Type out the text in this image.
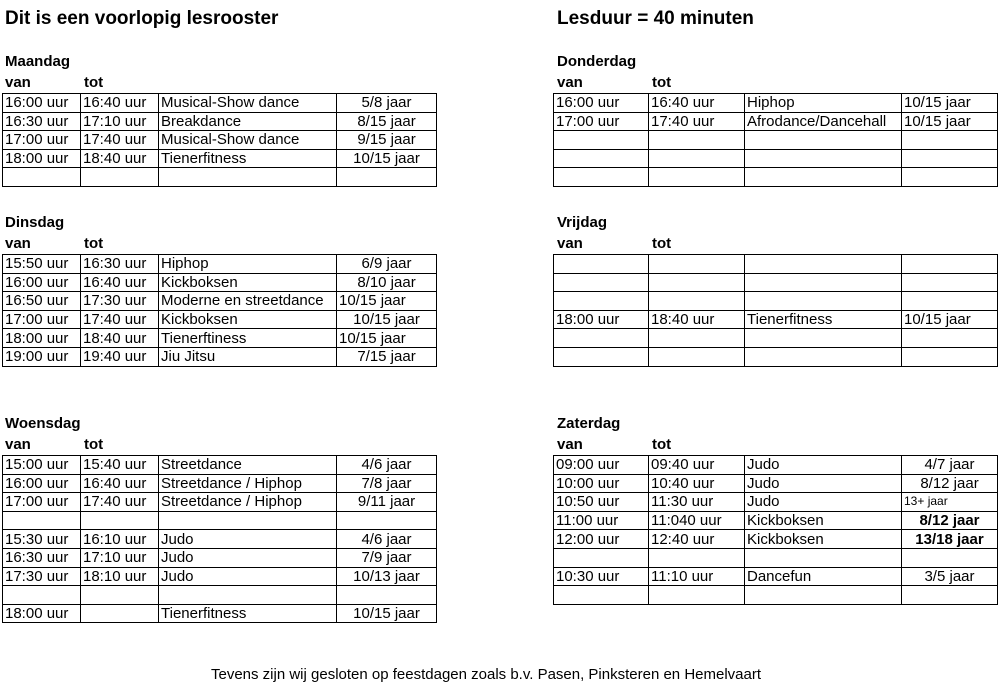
Dit is een voorlopig lesrooster	Lesduur = 40 minuten
Maandag
van	tot
16:00 uur	16:40 uur	Musical-Show dance	5/8 jaar
16:30 uur	17:10 uur	Breakdance	8/15 jaar
17:00 uur	17:40 uur	Musical-Show dance	9/15 jaar
18:00 uur	18:40 uur	Tienerfitness	10/15 jaar

Dinsdag
van	tot
15:50 uur	16:30 uur	Hiphop	6/9 jaar
16:00 uur	16:40 uur	Kickboksen	8/10 jaar
16:50 uur	17:30 uur	Moderne en streetdance	10/15 jaar
17:00 uur	17:40 uur	Kickboksen	10/15 jaar
18:00 uur	18:40 uur	Tienerftiness	10/15 jaar
19:00 uur	19:40 uur	Jiu Jitsu	7/15 jaar
Woensdag
van	tot
15:00 uur	15:40 uur	Streetdance	4/6 jaar
16:00 uur	16:40 uur	Streetdance / Hiphop	7/8 jaar
17:00 uur	17:40 uur	Streetdance / Hiphop	9/11 jaar

15:30 uur	16:10 uur	Judo	4/6 jaar
16:30 uur	17:10 uur	Judo	7/9 jaar
17:30 uur	18:10 uur	Judo	10/13 jaar

18:00 uur		Tienerfitness	10/15 jaar
Donderdag
van	tot
16:00 uur	16:40 uur	Hiphop	10/15 jaar
17:00 uur	17:40 uur	Afrodance/Dancehall	10/15 jaar

Vrijdag
van	tot

18:00 uur	18:40 uur	Tienerfitness	10/15 jaar

Zaterdag
van	tot
09:00 uur	09:40 uur	Judo	4/7 jaar
10:00 uur	10:40 uur	Judo	8/12 jaar
10:50 uur	11:30 uur	Judo	13+ jaar
11:00 uur	11:040 uur	Kickboksen	8/12 jaar
12:00 uur	12:40 uur	Kickboksen	13/18 jaar

10:30 uur	11:10 uur	Dancefun	3/5 jaar

Tevens zijn wij gesloten op feestdagen zoals b.v. Pasen, Pinksteren en Hemelvaart
